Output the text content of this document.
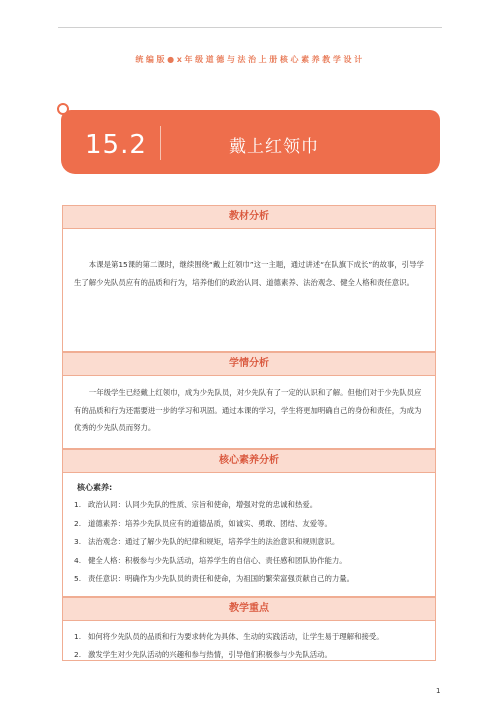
统编版●x年级道德与法治上册核心素养教学设计
15.2	戴上红领巾
教材分析
本课是第15课的第二课时，继续围绕“戴上红领巾”这一主题，通过讲述“在队旗下成长”的故事，引导学生了解少先队员应有的品质和行为，培养他们的政治认同、道德素养、法治观念、健全人格和责任意识。
学情分析
一年级学生已经戴上红领巾，成为少先队员，对少先队有了一定的认识和了解。但他们对于少先队员应有的品质和行为还需要进一步的学习和巩固。通过本课的学习，学生将更加明确自己的身份和责任，为成为优秀的少先队员而努力。
核心素养分析
核心素养:
1. 政治认同：认同少先队的性质、宗旨和使命，增强对党的忠诚和热爱。
2. 道德素养：培养少先队员应有的道德品质，如诚实、勇敢、团结、友爱等。
3. 法治观念：通过了解少先队的纪律和规矩，培养学生的法治意识和规则意识。
4. 健全人格：积极参与少先队活动，培养学生的自信心、责任感和团队协作能力。
5. 责任意识：明确作为少先队员的责任和使命，为祖国的繁荣富强贡献自己的力量。
教学重点
1. 如何将少先队员的品质和行为要求转化为具体、生动的实践活动，让学生易于理解和接受。
2. 激发学生对少先队活动的兴趣和参与热情，引导他们积极参与少先队活动。
1
